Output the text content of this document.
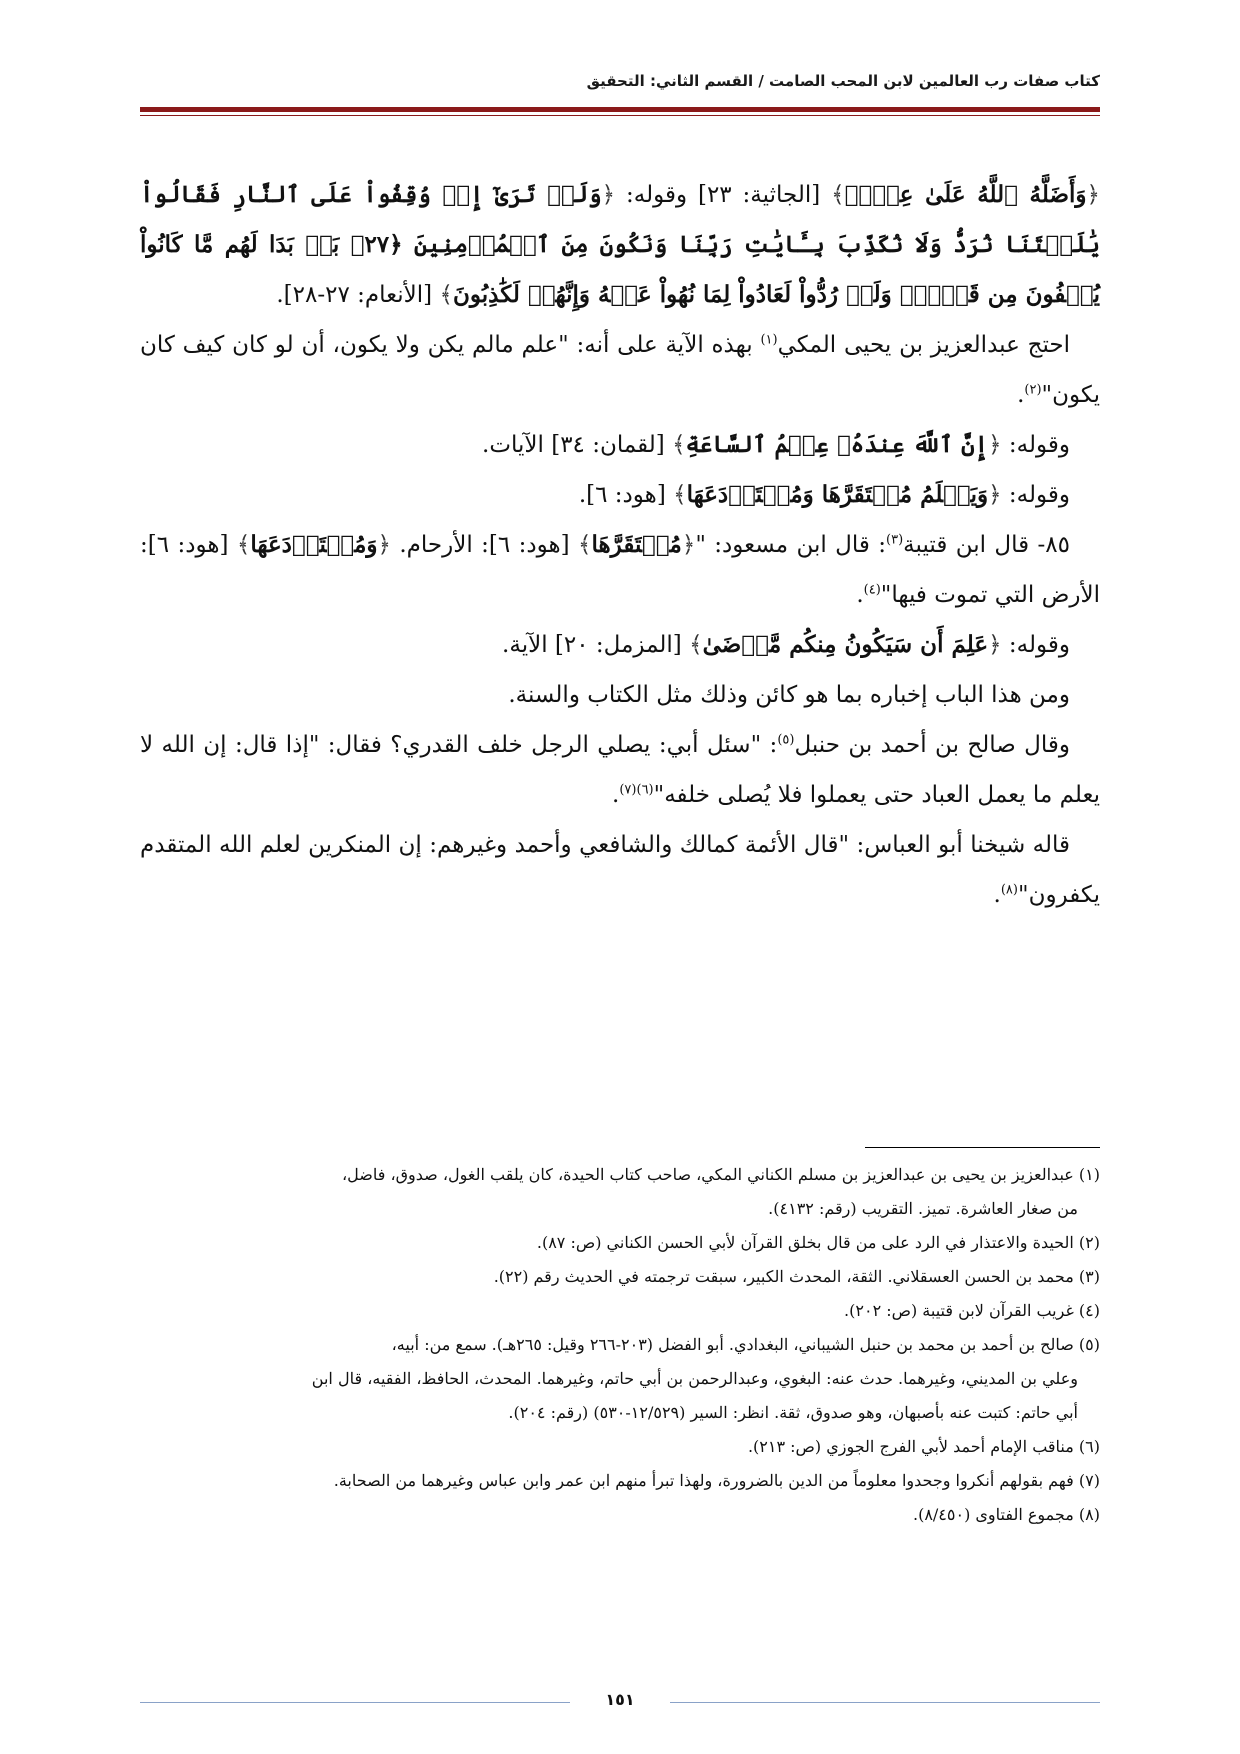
كتاب صفات رب العالمين لابن المحب الصامت / القسم الثاني: التحقيق

﴿وَأَضَلَّهُ ٱللَّهُ عَلَىٰ عِلۡمٖ﴾ [الجاثية: ٢٣] وقوله: ﴿وَلَوۡ تَرَىٰٓ إِذۡ وُقِفُواْ عَلَى ٱلنَّارِ فَقَالُواْ يَٰلَيۡتَنَا نُرَدُّ وَلَا نُكَذِّبَ بِـَٔايَٰتِ رَبِّنَا وَنَكُونَ مِنَ ٱلۡمُؤۡمِنِينَ ﴿٢٧﴾ بَلۡ بَدَا لَهُم مَّا كَانُواْ يُخۡفُونَ مِن قَبۡلُۖ وَلَوۡ رُدُّواْ لَعَادُواْ لِمَا نُهُواْ عَنۡهُ وَإِنَّهُمۡ لَكَٰذِبُونَ﴾ [الأنعام: ٢٧-٢٨].

احتج عبدالعزيز بن يحيى المكي$^{(١)}$ بهذه الآية على أنه: "علم مالم يكن ولا يكون، أن لو كان كيف كان يكون"$^{(٢)}$.

وقوله: ﴿إِنَّ ٱللَّهَ عِندَهُۥ عِلۡمُ ٱلسَّاعَةِ﴾ [لقمان: ٣٤] الآيات.

وقوله: ﴿وَيَعۡلَمُ مُسۡتَقَرَّهَا وَمُسۡتَوۡدَعَهَا﴾ [هود: ٦].

٨٥- قال ابن قتيبة$^{(٣)}$: قال ابن مسعود: "﴿مُسۡتَقَرَّهَا﴾ [هود: ٦]: الأرحام. ﴿وَمُسۡتَوۡدَعَهَا﴾ [هود: ٦]: الأرض التي تموت فيها"$^{(٤)}$.

وقوله: ﴿عَلِمَ أَن سَيَكُونُ مِنكُم مَّرۡضَىٰ﴾ [المزمل: ٢٠] الآية.

ومن هذا الباب إخباره بما هو كائن وذلك مثل الكتاب والسنة.

وقال صالح بن أحمد بن حنبل$^{(٥)}$: "سئل أبي: يصلي الرجل خلف القدري؟ فقال: "إذا قال: إن الله لا يعلم ما يعمل العباد حتى يعملوا فلا يُصلى خلفه"$^{(٦)(٧)}$.

قاله شيخنا أبو العباس: "قال الأئمة كمالك والشافعي وأحمد وغيرهم: إن المنكرين لعلم الله المتقدم يكفرون"$^{(٨)}$.

(١) عبدالعزيز بن يحيى بن عبدالعزيز بن مسلم الكناني المكي، صاحب كتاب الحيدة، كان يلقب الغول، صدوق، فاضل،

من صغار العاشرة. تميز. التقريب (رقم: ٤١٣٢).

(٢) الحيدة والاعتذار في الرد على من قال بخلق القرآن لأبي الحسن الكناني (ص: ٨٧).

(٣) محمد بن الحسن العسقلاني. الثقة، المحدث الكبير، سبقت ترجمته في الحديث رقم (٢٢).

(٤) غريب القرآن لابن قتيبة (ص: ٢٠٢).

(٥) صالح بن أحمد بن محمد بن حنبل الشيباني، البغدادي. أبو الفضل (٢٠٣-٢٦٦ وقيل: ٢٦٥هـ). سمع من: أبيه،

وعلي بن المديني، وغيرهما. حدث عنه: البغوي، وعبدالرحمن بن أبي حاتم، وغيرهما. المحدث، الحافظ، الفقيه، قال ابن

أبي حاتم: كتبت عنه بأصبهان، وهو صدوق، ثقة. انظر: السير (١٢/٥٢٩-٥٣٠) (رقم: ٢٠٤).

(٦) مناقب الإمام أحمد لأبي الفرج الجوزي (ص: ٢١٣).

(٧) فهم بقولهم أنكروا وجحدوا معلوماً من الدين بالضرورة، ولهذا تبرأ منهم ابن عمر وابن عباس وغيرهما من الصحابة.

(٨) مجموع الفتاوى (٨/٤٥٠).

١٥١
